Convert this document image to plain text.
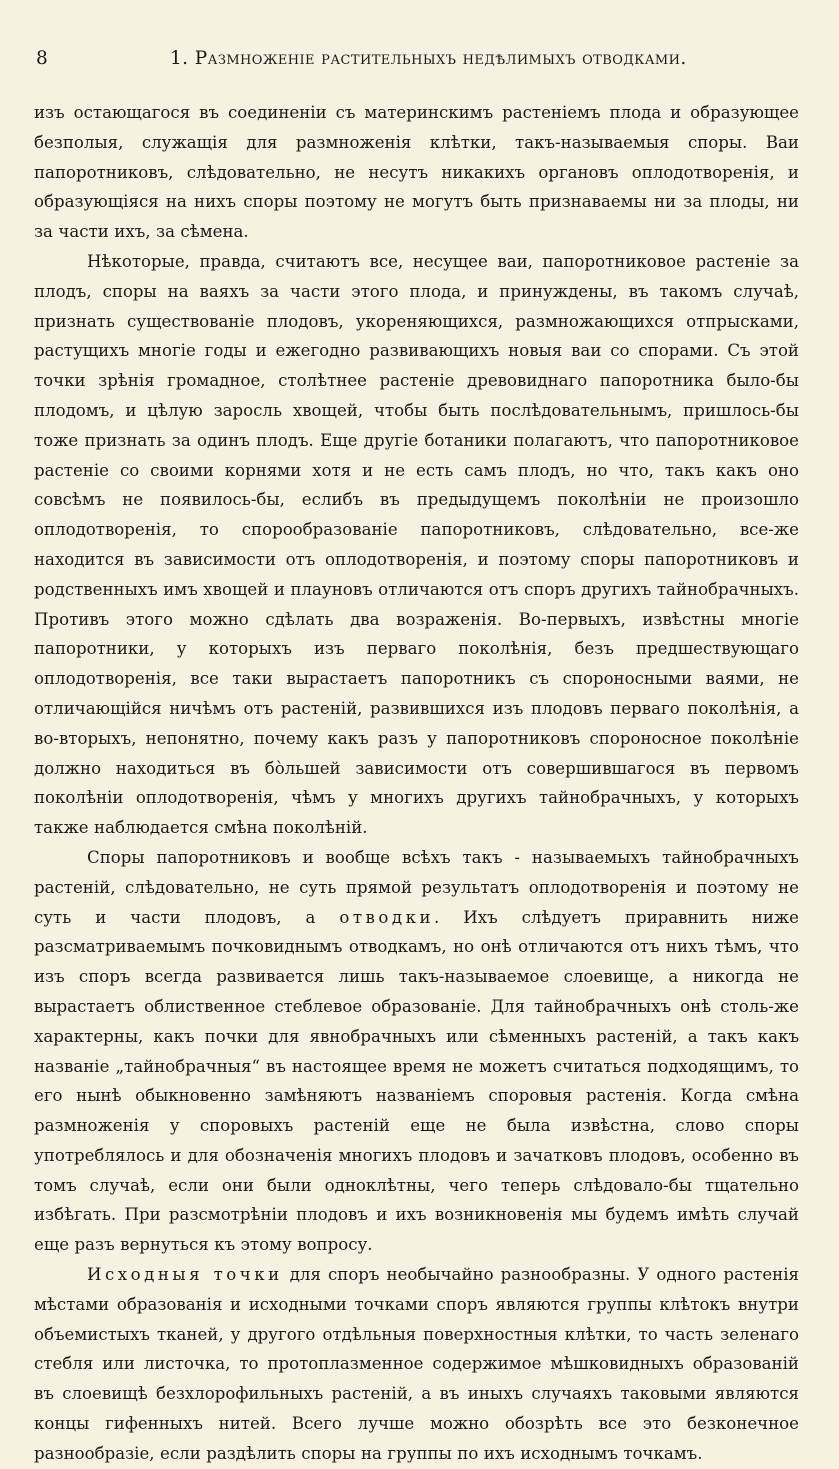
8	1. Размноженіе растительныхъ недѣлимыхъ отводками.

изъ остающагося въ соединеніи съ материнскимъ растеніемъ плода и образующее безполыя, служащія для размноженія клѣтки, такъ-называемыя споры. Ваи папоротниковъ, слѣдовательно, не несутъ никакихъ органовъ оплодотворенія, и образующіяся на нихъ споры поэтому не могутъ быть признаваемы ни за плоды, ни за части ихъ, за сѣмена.

Нѣкоторые, правда, считаютъ все, несущее ваи, папоротниковое растеніе за плодъ, споры на ваяхъ за части этого плода, и принуждены, въ такомъ случаѣ, признать существованіе плодовъ, укореняющихся, размножающихся отпрысками, растущихъ многіе годы и ежегодно развивающихъ новыя ваи со спорами. Съ этой точки зрѣнія громадное, столѣтнее растеніе древовиднаго папоротника было-бы плодомъ, и цѣлую заросль хвощей, чтобы быть послѣдовательнымъ, пришлось-бы тоже признать за одинъ плодъ. Еще другіе ботаники полагаютъ, что папоротниковое растеніе со своими корнями хотя и не есть самъ плодъ, но что, такъ какъ оно совсѣмъ не появилось-бы, еслибъ въ предыдущемъ поколѣніи не произошло оплодотворенія, то спорообразованіе папоротниковъ, слѣдовательно, все-же находится въ зависимости отъ оплодотворенія, и поэтому споры папоротниковъ и родственныхъ имъ хвощей и плауновъ отличаются отъ споръ другихъ тайнобрачныхъ. Противъ этого можно сдѣлать два возраженія. Во-первыхъ, извѣстны многіе папоротники, у которыхъ изъ перваго поколѣнія, безъ предшествующаго оплодотворенія, все таки вырастаетъ папоротникъ съ спороносными ваями, не отличающійся ничѣмъ отъ растеній, развившихся изъ плодовъ перваго поколѣнія, а во-вторыхъ, непонятно, почему какъ разъ у папоротниковъ спороносное поколѣніе должно находиться въ бо̀льшей зависимости отъ совершившагося въ первомъ поколѣніи оплодотворенія, чѣмъ у многихъ другихъ тайнобрачныхъ, у которыхъ также наблюдается смѣна поколѣній.

Споры папоротниковъ и вообще всѣхъ такъ - называемыхъ тайнобрачныхъ растеній, слѣдовательно, не суть прямой результатъ оплодотворенія и поэтому не суть и части плодовъ, а отводки. Ихъ слѣдуетъ приравнить ниже разсматриваемымъ почковиднымъ отводкамъ, но онѣ отличаются отъ нихъ тѣмъ, что изъ споръ всегда развивается лишь такъ-называемое слоевище, а никогда не вырастаетъ облиственное стеблевое образованіе. Для тайнобрачныхъ онѣ столь-же характерны, какъ почки для явнобрачныхъ или сѣменныхъ растеній, а такъ какъ названіе „тайнобрачныя“ въ настоящее время не можетъ считаться подходящимъ, то его нынѣ обыкновенно замѣняютъ названіемъ споровыя растенія. Когда смѣна размноженія у споровыхъ растеній еще не была извѣстна, слово споры употреблялось и для обозначенія многихъ плодовъ и зачатковъ плодовъ, особенно въ томъ случаѣ, если они были одноклѣтны, чего теперь слѣдовало-бы тщательно избѣгать. При разсмотрѣніи плодовъ и ихъ возникновенія мы будемъ имѣть случай еще разъ вернуться къ этому вопросу.

Исходныя точки для споръ необычайно разнообразны. У одного растенія мѣстами образованія и исходными точками споръ являются группы клѣтокъ внутри объемистыхъ тканей, у другого отдѣльныя поверхностныя клѣтки, то часть зеленаго стебля или листочка, то протоплазменное содержимое мѣшковидныхъ образованій въ слоевищѣ безхлорофильныхъ растеній, а въ иныхъ случаяхъ таковыми являются концы гифенныхъ нитей. Всего лучше можно обозрѣть все это безконечное разнообразіе, если раздѣлить споры на группы по ихъ исходнымъ точкамъ.
